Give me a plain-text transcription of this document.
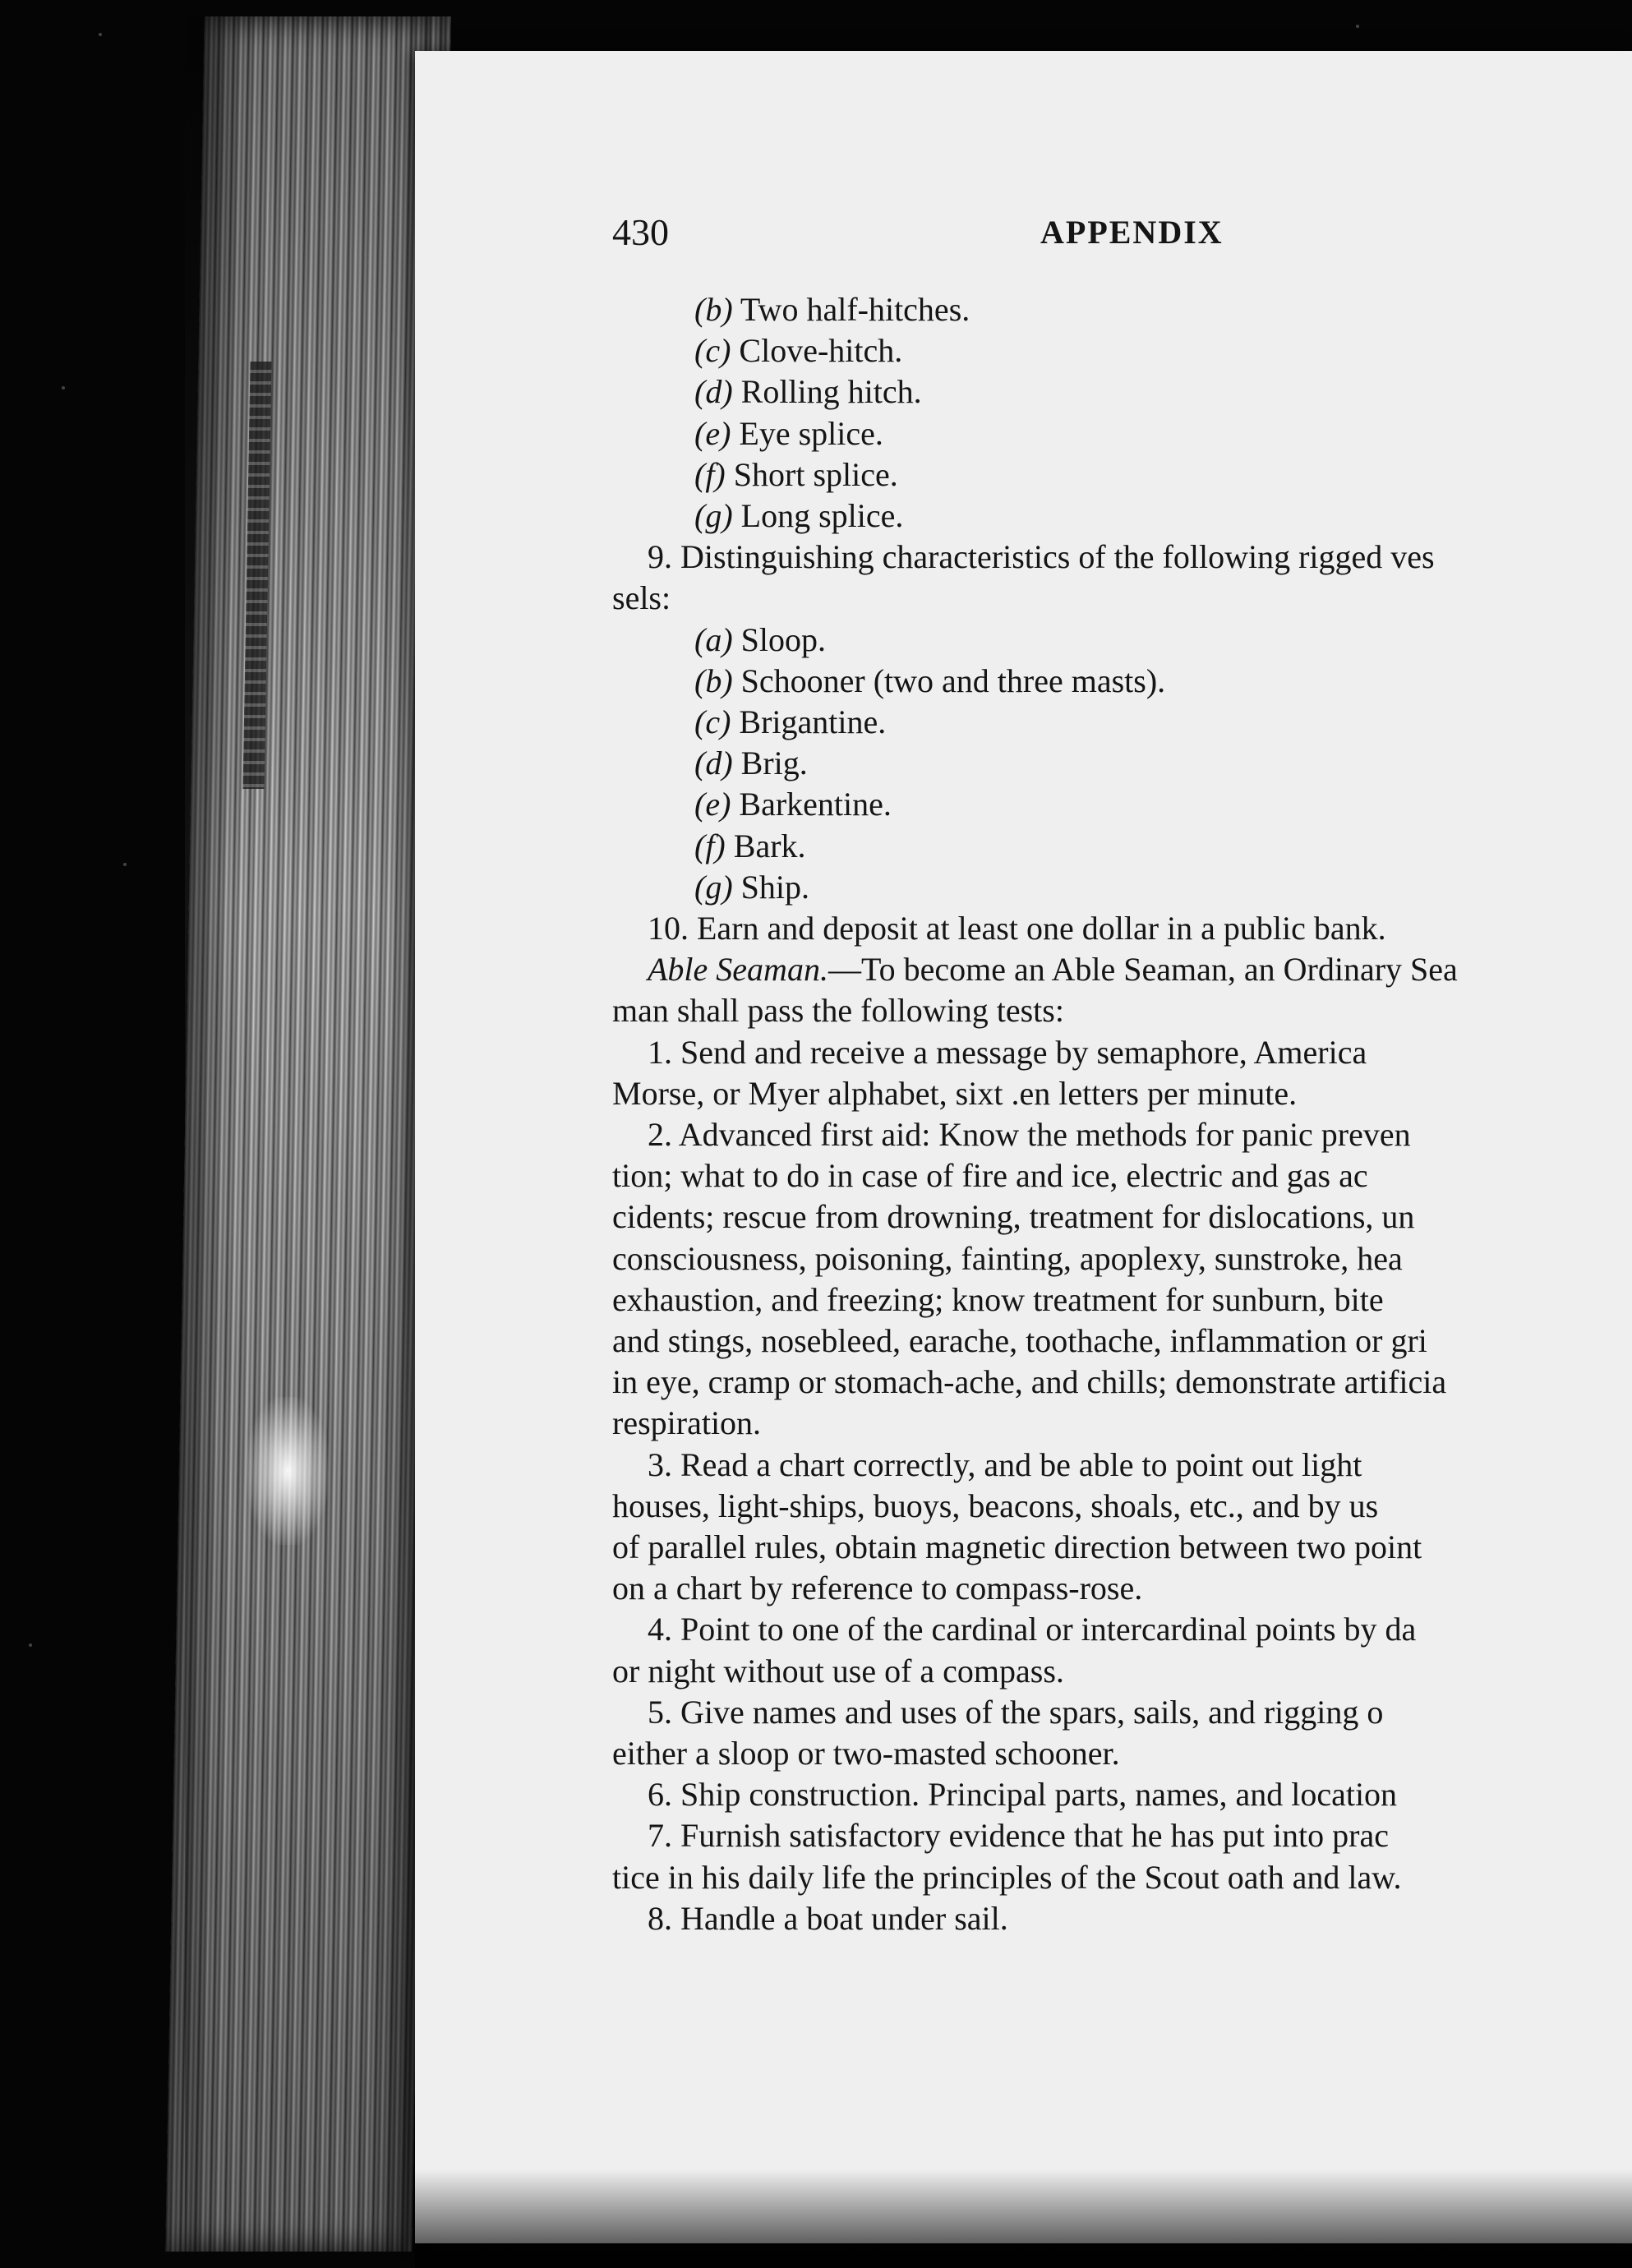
430	APPENDIX
(b) Two half-hitches.
(c) Clove-hitch.
(d) Rolling hitch.
(e) Eye splice.
(f) Short splice.
(g) Long splice.
9. Distinguishing characteristics of the following rigged ves
sels:
(a) Sloop.
(b) Schooner (two and three masts).
(c) Brigantine.
(d) Brig.
(e) Barkentine.
(f) Bark.
(g) Ship.
10. Earn and deposit at least one dollar in a public bank.
Able Seaman.—To become an Able Seaman, an Ordinary Sea
man shall pass the following tests:
1. Send and receive a message by semaphore, America
Morse, or Myer alphabet, sixt .en letters per minute.
2. Advanced first aid: Know the methods for panic preven
tion; what to do in case of fire and ice, electric and gas ac
cidents; rescue from drowning, treatment for dislocations, un
consciousness, poisoning, fainting, apoplexy, sunstroke, hea
exhaustion, and freezing; know treatment for sunburn, bite
and stings, nosebleed, earache, toothache, inflammation or gri
in eye, cramp or stomach-ache, and chills; demonstrate artificia
respiration.
3. Read a chart correctly, and be able to point out light
houses, light-ships, buoys, beacons, shoals, etc., and by us
of parallel rules, obtain magnetic direction between two point
on a chart by reference to compass-rose.
4. Point to one of the cardinal or intercardinal points by da
or night without use of a compass.
5. Give names and uses of the spars, sails, and rigging o
either a sloop or two-masted schooner.
6. Ship construction. Principal parts, names, and location
7. Furnish satisfactory evidence that he has put into prac
tice in his daily life the principles of the Scout oath and law.
8. Handle a boat under sail.
